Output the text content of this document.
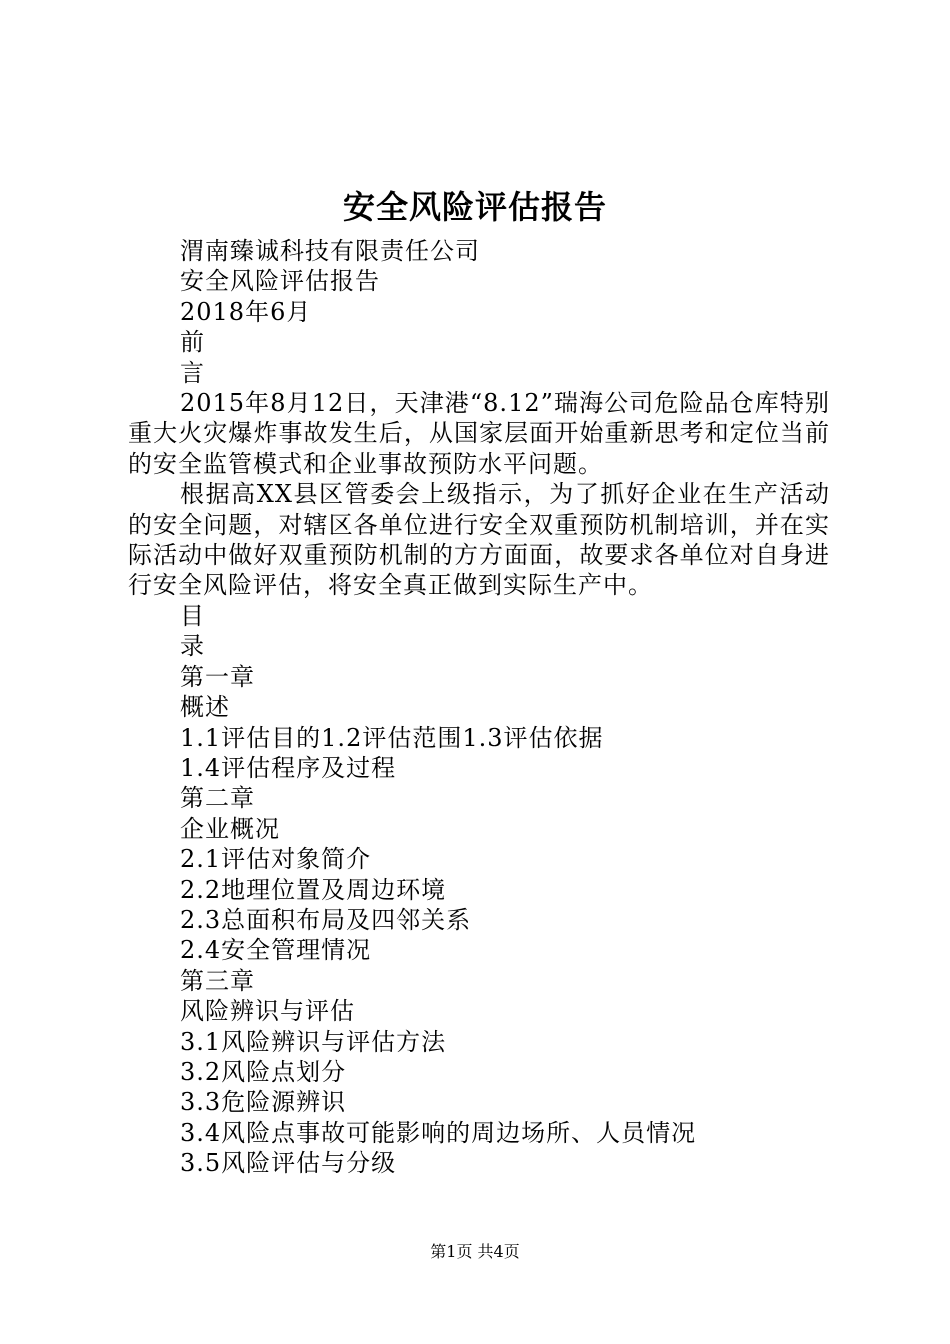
安全风险评估报告

渭南臻诚科技有限责任公司

安全风险评估报告

2018年6月

前

言

2015年8月12日，天津港“8.12”瑞海公司危险品仓库特别重大火灾爆炸事故发生后，从国家层面开始重新思考和定位当前的安全监管模式和企业事故预防水平问题。

根据高XX县区管委会上级指示，为了抓好企业在生产活动的安全问题，对辖区各单位进行安全双重预防机制培训，并在实际活动中做好双重预防机制的方方面面，故要求各单位对自身进行安全风险评估，将安全真正做到实际生产中。

目

录

第一章

概述

1.1评估目的1.2评估范围1.3评估依据

1.4评估程序及过程

第二章

企业概况

2.1评估对象简介

2.2地理位置及周边环境

2.3总面积布局及四邻关系

2.4安全管理情况

第三章

风险辨识与评估

3.1风险辨识与评估方法

3.2风险点划分

3.3危险源辨识

3.4风险点事故可能影响的周边场所、人员情况

3.5风险评估与分级

第1页 共4页
